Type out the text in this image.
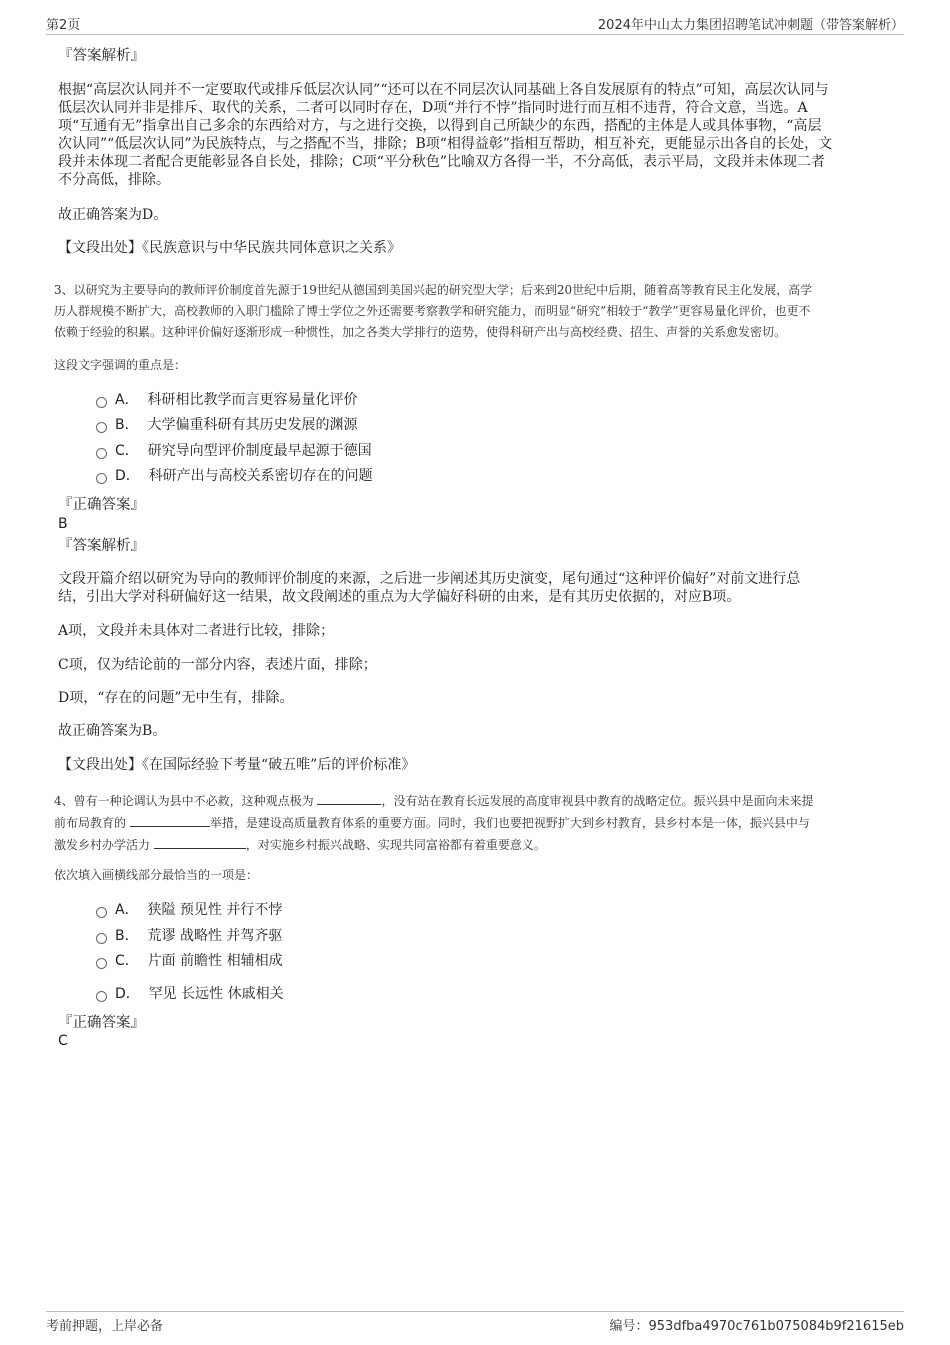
第2页	2024年中山太力集团招聘笔试冲刺题（带答案解析）
『答案解析』
根据“高层次认同并不一定要取代或排斥低层次认同”“还可以在不同层次认同基础上各自发展原有的特点”可知，高层次认同与
低层次认同并非是排斥、取代的关系，二者可以同时存在，D项“并行不悖”指同时进行而互相不违背，符合文意，当选。A
项“互通有无”指拿出自己多余的东西给对方，与之进行交换，以得到自己所缺少的东西，搭配的主体是人或具体事物，“高层
次认同”“低层次认同”为民族特点，与之搭配不当，排除；B项“相得益彰”指相互帮助，相互补充，更能显示出各自的长处，文
段并未体现二者配合更能彰显各自长处，排除；C项“平分秋色”比喻双方各得一半，不分高低，表示平局，文段并未体现二者
不分高低，排除。
故正确答案为D。
【文段出处】《民族意识与中华民族共同体意识之关系》
3、以研究为主要导向的教师评价制度首先源于19世纪从德国到美国兴起的研究型大学；后来到20世纪中后期，随着高等教育民主化发展，高学
历人群规模不断扩大，高校教师的入职门槛除了博士学位之外还需要考察教学和研究能力，而明显“研究”相较于“教学”更容易量化评价，也更不
依赖于经验的积累。这种评价偏好逐渐形成一种惯性，加之各类大学排行的造势，使得科研产出与高校经费、招生、声誉的关系愈发密切。
这段文字强调的重点是：
A． 科研相比教学而言更容易量化评价
B． 大学偏重科研有其历史发展的渊源
C． 研究导向型评价制度最早起源于德国
D． 科研产出与高校关系密切存在的问题
『正确答案』
B
『答案解析』
文段开篇介绍以研究为导向的教师评价制度的来源，之后进一步阐述其历史演变，尾句通过“这种评价偏好”对前文进行总
结，引出大学对科研偏好这一结果，故文段阐述的重点为大学偏好科研的由来，是有其历史依据的，对应B项。
A项，文段并未具体对二者进行比较，排除；
C项，仅为结论前的一部分内容，表述片面，排除；
D项，“存在的问题”无中生有，排除。
故正确答案为B。
【文段出处】《在国际经验下考量“破五唯”后的评价标准》
4、曾有一种论调认为县中不必救，这种观点极为	，没有站在教育长远发展的高度审视县中教育的战略定位。振兴县中是面向未来提
前布局教育的	举措，是建设高质量教育体系的重要方面。同时，我们也要把视野扩大到乡村教育，县乡村本是一体，振兴县中与
激发乡村办学活力	，对实施乡村振兴战略、实现共同富裕都有着重要意义。
依次填入画横线部分最恰当的一项是：
A． 狭隘 预见性 并行不悖
B． 荒谬 战略性 并驾齐驱
C． 片面 前瞻性 相辅相成
D． 罕见 长远性 休戚相关
『正确答案』
C
考前押题，上岸必备	编号：953dfba4970c761b075084b9f21615eb
